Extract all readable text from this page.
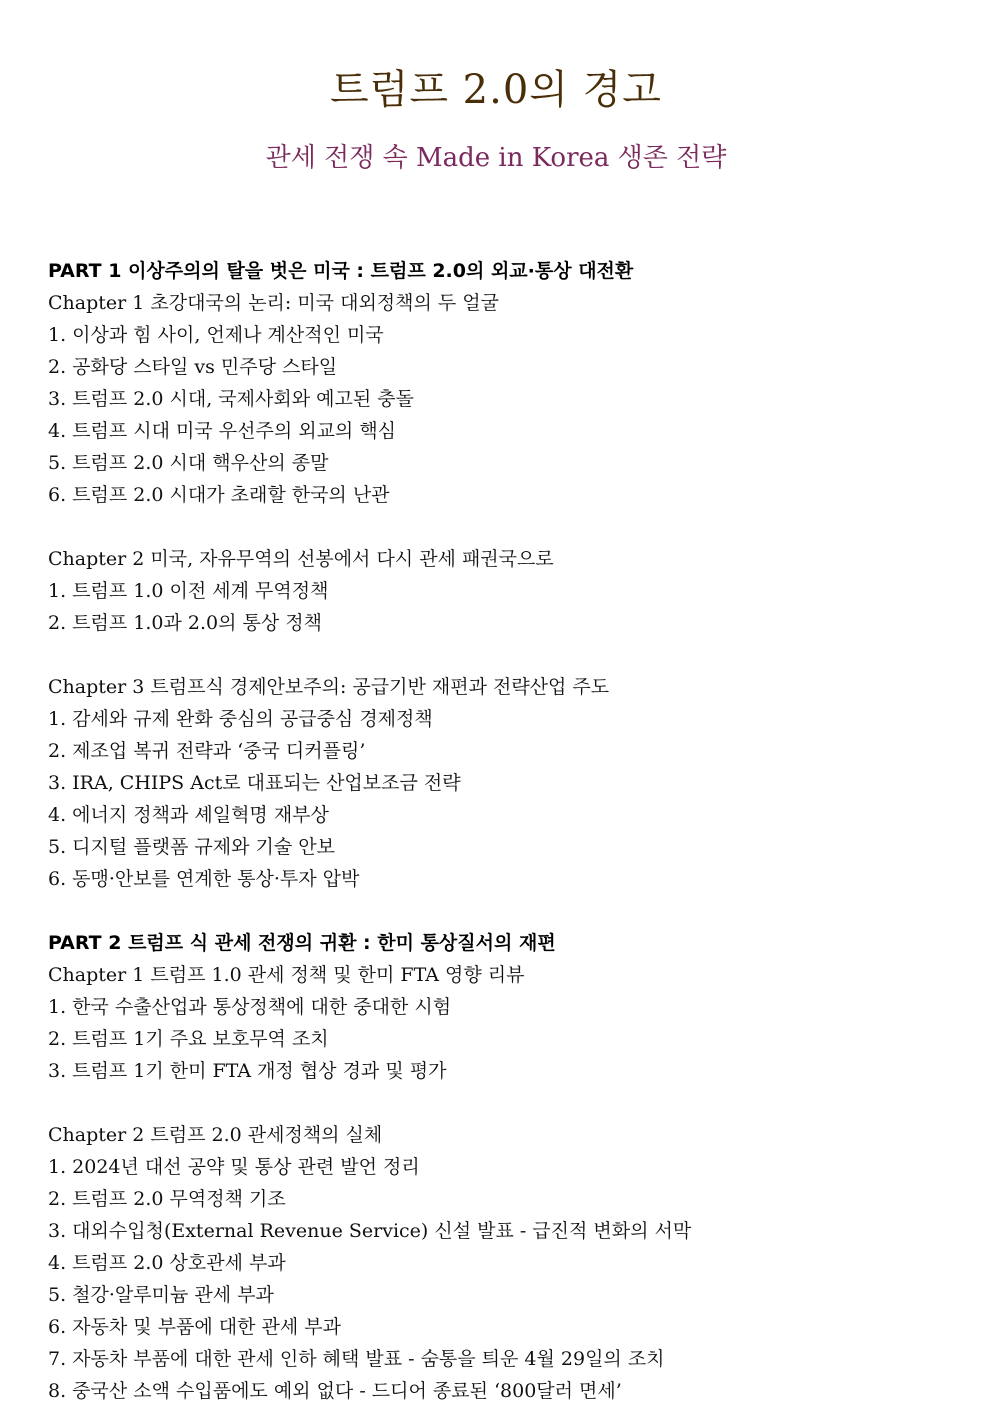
트럼프 2.0의 경고
관세 전쟁 속 Made in Korea 생존 전략
PART 1 이상주의의 탈을 벗은 미국 : 트럼프 2.0의 외교·통상 대전환
Chapter 1 초강대국의 논리: 미국 대외정책의 두 얼굴
1. 이상과 힘 사이, 언제나 계산적인 미국
2. 공화당 스타일 vs 민주당 스타일
3. 트럼프 2.0 시대, 국제사회와 예고된 충돌
4. 트럼프 시대 미국 우선주의 외교의 핵심
5. 트럼프 2.0 시대 핵우산의 종말
6. 트럼프 2.0 시대가 초래할 한국의 난관
Chapter 2 미국, 자유무역의 선봉에서 다시 관세 패권국으로
1. 트럼프 1.0 이전 세계 무역정책
2. 트럼프 1.0과 2.0의 통상 정책
Chapter 3 트럼프식 경제안보주의: 공급기반 재편과 전략산업 주도
1. 감세와 규제 완화 중심의 공급중심 경제정책
2. 제조업 복귀 전략과 ‘중국 디커플링’
3. IRA, CHIPS Act로 대표되는 산업보조금 전략
4. 에너지 정책과 셰일혁명 재부상
5. 디지털 플랫폼 규제와 기술 안보
6. 동맹·안보를 연계한 통상·투자 압박
PART 2 트럼프 식 관세 전쟁의 귀환 : 한미 통상질서의 재편
Chapter 1 트럼프 1.0 관세 정책 및 한미 FTA 영향 리뷰
1. 한국 수출산업과 통상정책에 대한 중대한 시험
2. 트럼프 1기 주요 보호무역 조치
3. 트럼프 1기 한미 FTA 개정 협상 경과 및 평가
Chapter 2 트럼프 2.0 관세정책의 실체
1. 2024년 대선 공약 및 통상 관련 발언 정리
2. 트럼프 2.0 무역정책 기조
3. 대외수입청(External Revenue Service) 신설 발표 - 급진적 변화의 서막
4. 트럼프 2.0 상호관세 부과
5. 철강·알루미늄 관세 부과
6. 자동차 및 부품에 대한 관세 부과
7. 자동차 부품에 대한 관세 인하 혜택 발표 - 숨통을 틔운 4월 29일의 조치
8. 중국산 소액 수입품에도 예외 없다 - 드디어 종료된 ‘800달러 면세’
